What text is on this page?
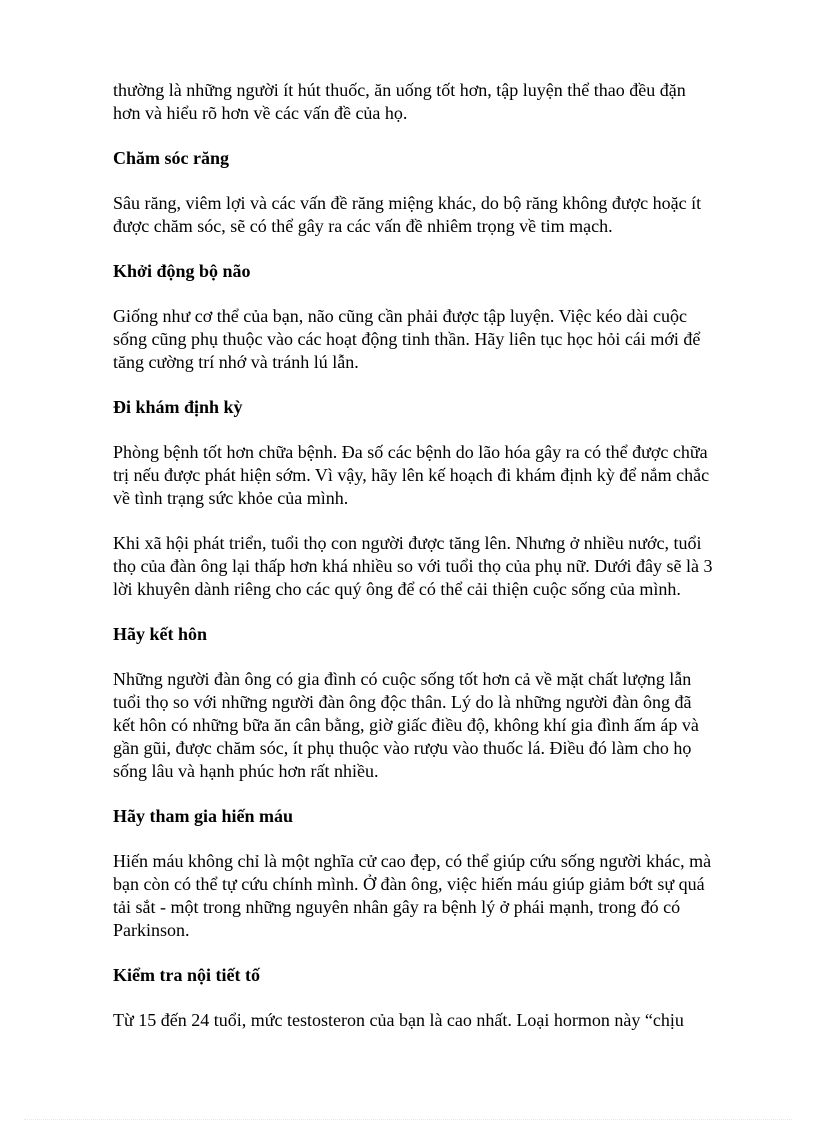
thường là những người ít hút thuốc, ăn uống tốt hơn, tập luyện thể thao đều đặn
hơn và hiểu rõ hơn về các vấn đề của họ.

Chăm sóc răng

Sâu răng, viêm lợi và các vấn đề răng miệng khác, do bộ răng không được hoặc ít
được chăm sóc, sẽ có thể gây ra các vấn đề nhiêm trọng về tim mạch.

Khởi động bộ não

Giống như cơ thể của bạn, não cũng cần phải được tập luyện. Việc kéo dài cuộc
sống cũng phụ thuộc vào các hoạt động tinh thần. Hãy liên tục học hỏi cái mới để
tăng cường trí nhớ và tránh lú lẫn.

Đi khám định kỳ

Phòng bệnh tốt hơn chữa bệnh. Đa số các bệnh do lão hóa gây ra có thể được chữa
trị nếu được phát hiện sớm. Vì vậy, hãy lên kế hoạch đi khám định kỳ để nắm chắc
về tình trạng sức khỏe của mình.

Khi xã hội phát triển, tuổi thọ con người được tăng lên. Nhưng ở nhiều nước, tuổi
thọ của đàn ông lại thấp hơn khá nhiều so với tuổi thọ của phụ nữ. Dưới đây sẽ là 3
lời khuyên dành riêng cho các quý ông để có thể cải thiện cuộc sống của mình.

Hãy kết hôn

Những người đàn ông có gia đình có cuộc sống tốt hơn cả về mặt chất lượng lẫn
tuổi thọ so với những người đàn ông độc thân. Lý do là những người đàn ông đã
kết hôn có những bữa ăn cân bằng, giờ giấc điều độ, không khí gia đình ấm áp và
gần gũi, được chăm sóc, ít phụ thuộc vào rượu vào thuốc lá. Điều đó làm cho họ
sống lâu và hạnh phúc hơn rất nhiều.

Hãy tham gia hiến máu

Hiến máu không chỉ là một nghĩa cử cao đẹp, có thể giúp cứu sống người khác, mà
bạn còn có thể tự cứu chính mình. Ở đàn ông, việc hiến máu giúp giảm bớt sự quá
tải sắt - một trong những nguyên nhân gây ra bệnh lý ở phái mạnh, trong đó có
Parkinson.

Kiểm tra nội tiết tố

Từ 15 đến 24 tuổi, mức testosteron của bạn là cao nhất. Loại hormon này “chịu
